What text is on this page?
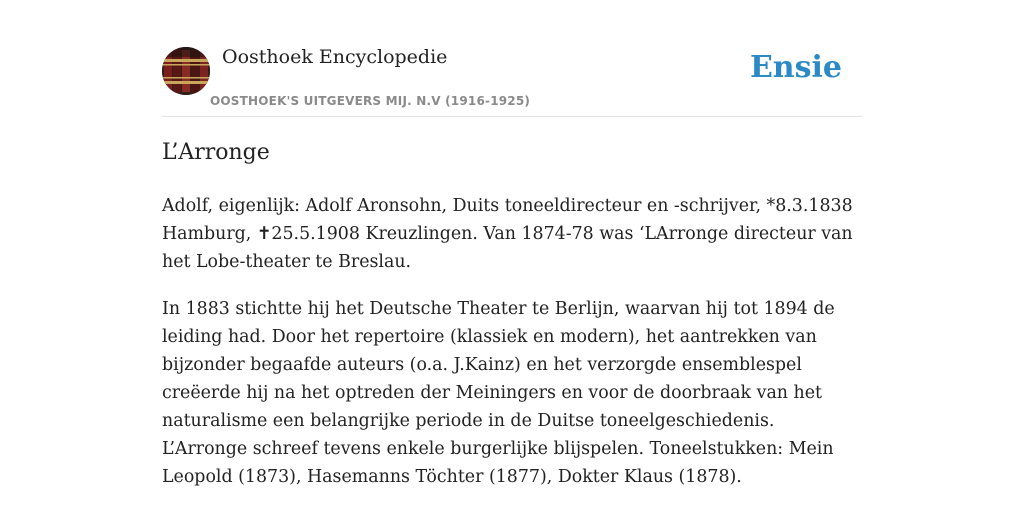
Oosthoek Encyclopedie
OOSTHOEK'S UITGEVERS MIJ. N.V (1916-1925)
Ensie
L’Arronge

Adolf, eigenlijk: Adolf Aronsohn, Duits toneeldirecteur en -schrijver, *8.3.1838 Hamburg, ✝25.5.1908 Kreuzlingen. Van 1874-78 was ‘LArronge directeur van het Lobe-theater te Breslau.

In 1883 stichtte hij het Deutsche Theater te Berlijn, waarvan hij tot 1894 de leiding had. Door het repertoire (klassiek en modern), het aantrekken van bijzonder begaafde auteurs (o.a. J.Kainz) en het verzorgde ensemblespel creëerde hij na het optreden der Meiningers en voor de doorbraak van het naturalisme een belangrijke periode in de Duitse toneelgeschiedenis. L’Arronge schreef tevens enkele burgerlijke blijspelen. Toneelstukken: Mein Leopold (1873), Hasemanns Töchter (1877), Dokter Klaus (1878).
